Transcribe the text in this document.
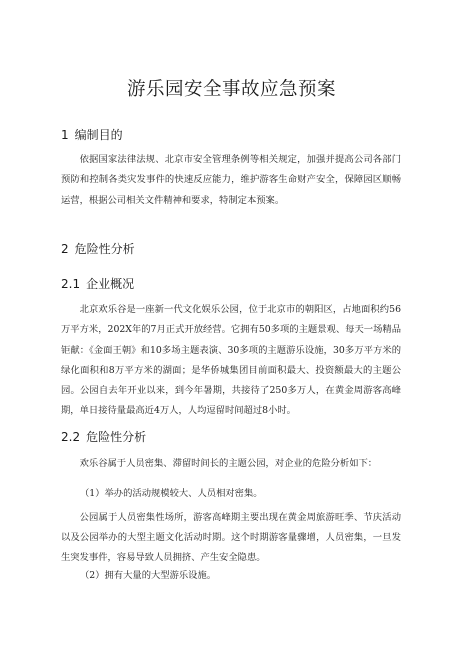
游乐园安全事故应急预案
1 编制目的
依据国家法律法规、北京市安全管理条例等相关规定，加强并提高公司各部门预防和控制各类灾发事件的快速反应能力，维护游客生命财产安全，保障园区顺畅运营，根据公司相关文件精神和要求，特制定本预案。
2 危险性分析
2.1 企业概况
北京欢乐谷是一座新一代文化娱乐公园，位于北京市的朝阳区，占地面积约56万平方米，202X年的7月正式开放经营。它拥有50多项的主题景观、每天一场精品钜献：《金面王朝》和10多场主题表演、30多项的主题游乐设施，30多万平方米的绿化面积和8万平方米的湖面；是华侨城集团目前面积最大、投资额最大的主题公园。公园自去年开业以来，到今年暑期，共接待了250多万人，在黄金周游客高峰期，单日接待量最高近4万人，人均逗留时间超过8小时。
2.2 危险性分析
欢乐谷属于人员密集、滞留时间长的主题公园，对企业的危险分析如下：
（1）举办的活动规模较大、人员相对密集。
公园属于人员密集性场所，游客高峰期主要出现在黄金周旅游旺季、节庆活动以及公园举办的大型主题文化活动时期。这个时期游客量骤增，人员密集，一旦发生突发事件，容易导致人员拥挤、产生安全隐患。
（2）拥有大量的大型游乐设施。
